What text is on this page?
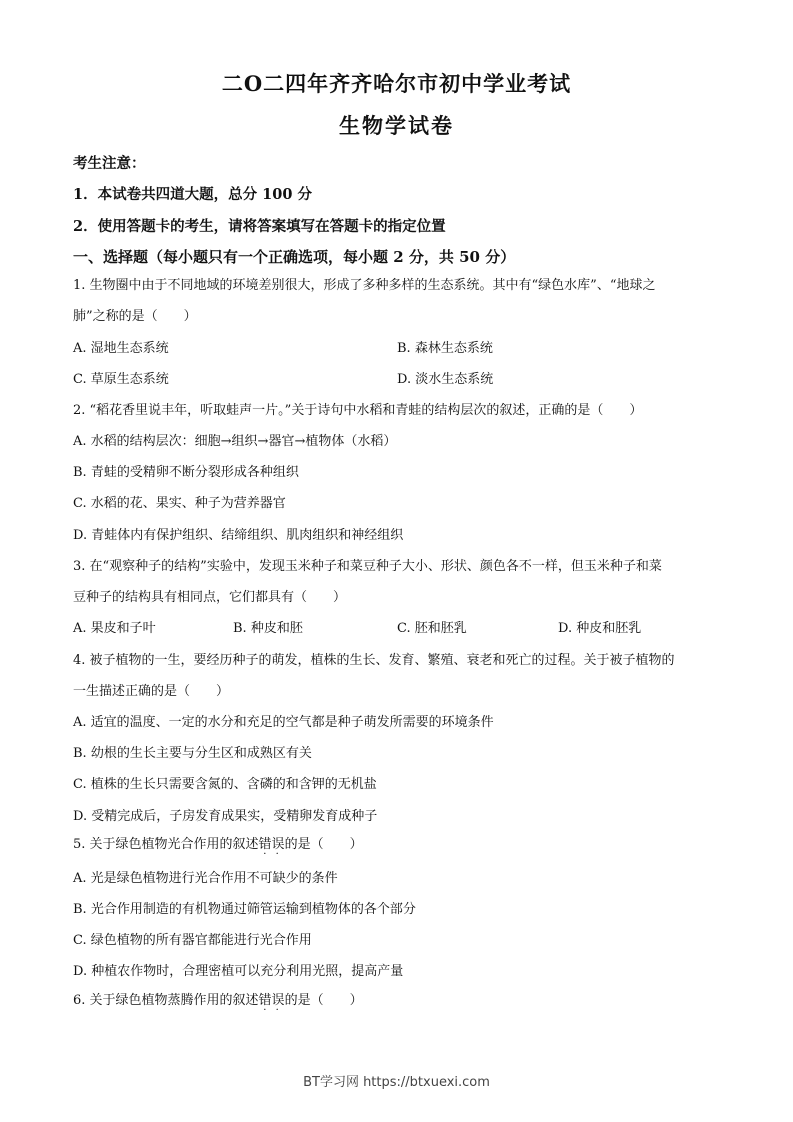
二O二四年齐齐哈尔市初中学业考试
生物学试卷
考生注意：
1．本试卷共四道大题，总分 100 分
2．使用答题卡的考生，请将答案填写在答题卡的指定位置
一、选择题（每小题只有一个正确选项，每小题 2 分，共 50 分）
1. 生物圈中由于不同地域的环境差别很大，形成了多种多样的生态系统。其中有“绿色水库”、“地球之
肺”之称的是（　　）
A. 湿地生态系统	B. 森林生态系统
C. 草原生态系统	D. 淡水生态系统
2. “稻花香里说丰年，听取蛙声一片。”关于诗句中水稻和青蛙的结构层次的叙述，正确的是（　　）
A. 水稻的结构层次：细胞→组织→器官→植物体（水稻）
B. 青蛙的受精卵不断分裂形成各种组织
C. 水稻的花、果实、种子为营养器官
D. 青蛙体内有保护组织、结缔组织、肌肉组织和神经组织
3. 在“观察种子的结构”实验中，发现玉米种子和菜豆种子大小、形状、颜色各不一样，但玉米种子和菜
豆种子的结构具有相同点，它们都具有（　　）
A. 果皮和子叶	B. 种皮和胚	C. 胚和胚乳	D. 种皮和胚乳
4. 被子植物的一生，要经历种子的萌发，植株的生长、发育、繁殖、衰老和死亡的过程。关于被子植物的
一生描述正确的是（　　）
A. 适宜的温度、一定的水分和充足的空气都是种子萌发所需要的环境条件
B. 幼根的生长主要与分生区和成熟区有关
C. 植株的生长只需要含氮的、含磷的和含钾的无机盐
D. 受精完成后，子房发育成果实，受精卵发育成种子
5. 关于绿色植物光合作用的叙述错误 · ·的是（　　）
A. 光是绿色植物进行光合作用不可缺少的条件
B. 光合作用制造的有机物通过筛管运输到植物体的各个部分
C. 绿色植物的所有器官都能进行光合作用
D. 种植农作物时，合理密植可以充分利用光照，提高产量
6. 关于绿色植物蒸腾作用的叙述错误 · ·的是（　　）
BT学习网 https://btxuexi.com
